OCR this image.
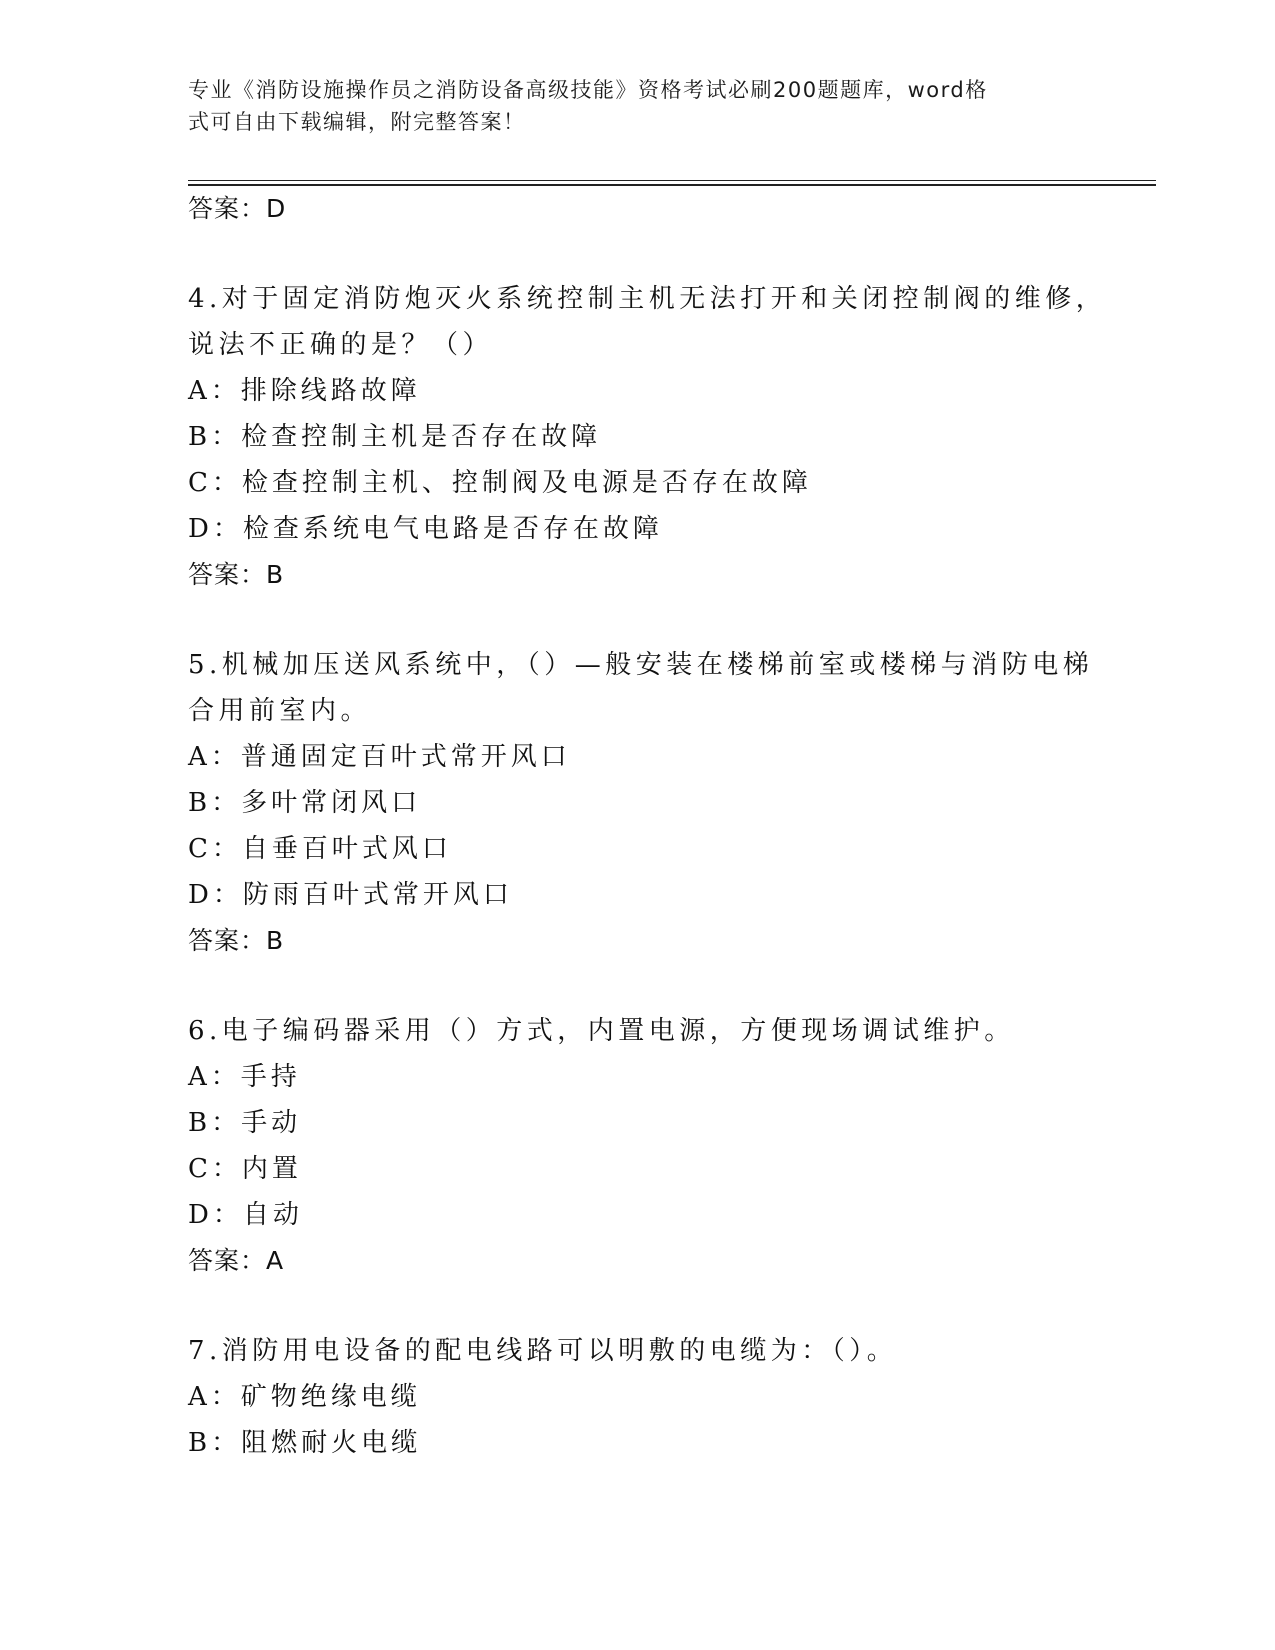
专业《消防设施操作员之消防设备高级技能》资格考试必刷200题题库，word格
式可自由下载编辑，附完整答案！
答案：D
4.对于固定消防炮灭火系统控制主机无法打开和关闭控制阀的维修，
说法不正确的是？（）
A：排除线路故障
B：检查控制主机是否存在故障
C：检查控制主机、控制阀及电源是否存在故障
D：检查系统电气电路是否存在故障
答案：B
5.机械加压送风系统中，（）—般安装在楼梯前室或楼梯与消防电梯
合用前室内。
A：普通固定百叶式常开风口
B：多叶常闭风口
C：自垂百叶式风口
D：防雨百叶式常开风口
答案：B
6.电子编码器采用（）方式，内置电源，方便现场调试维护。
A：手持
B：手动
C：内置
D：自动
答案：A
7.消防用电设备的配电线路可以明敷的电缆为：（）。
A：矿物绝缘电缆
B：阻燃耐火电缆
